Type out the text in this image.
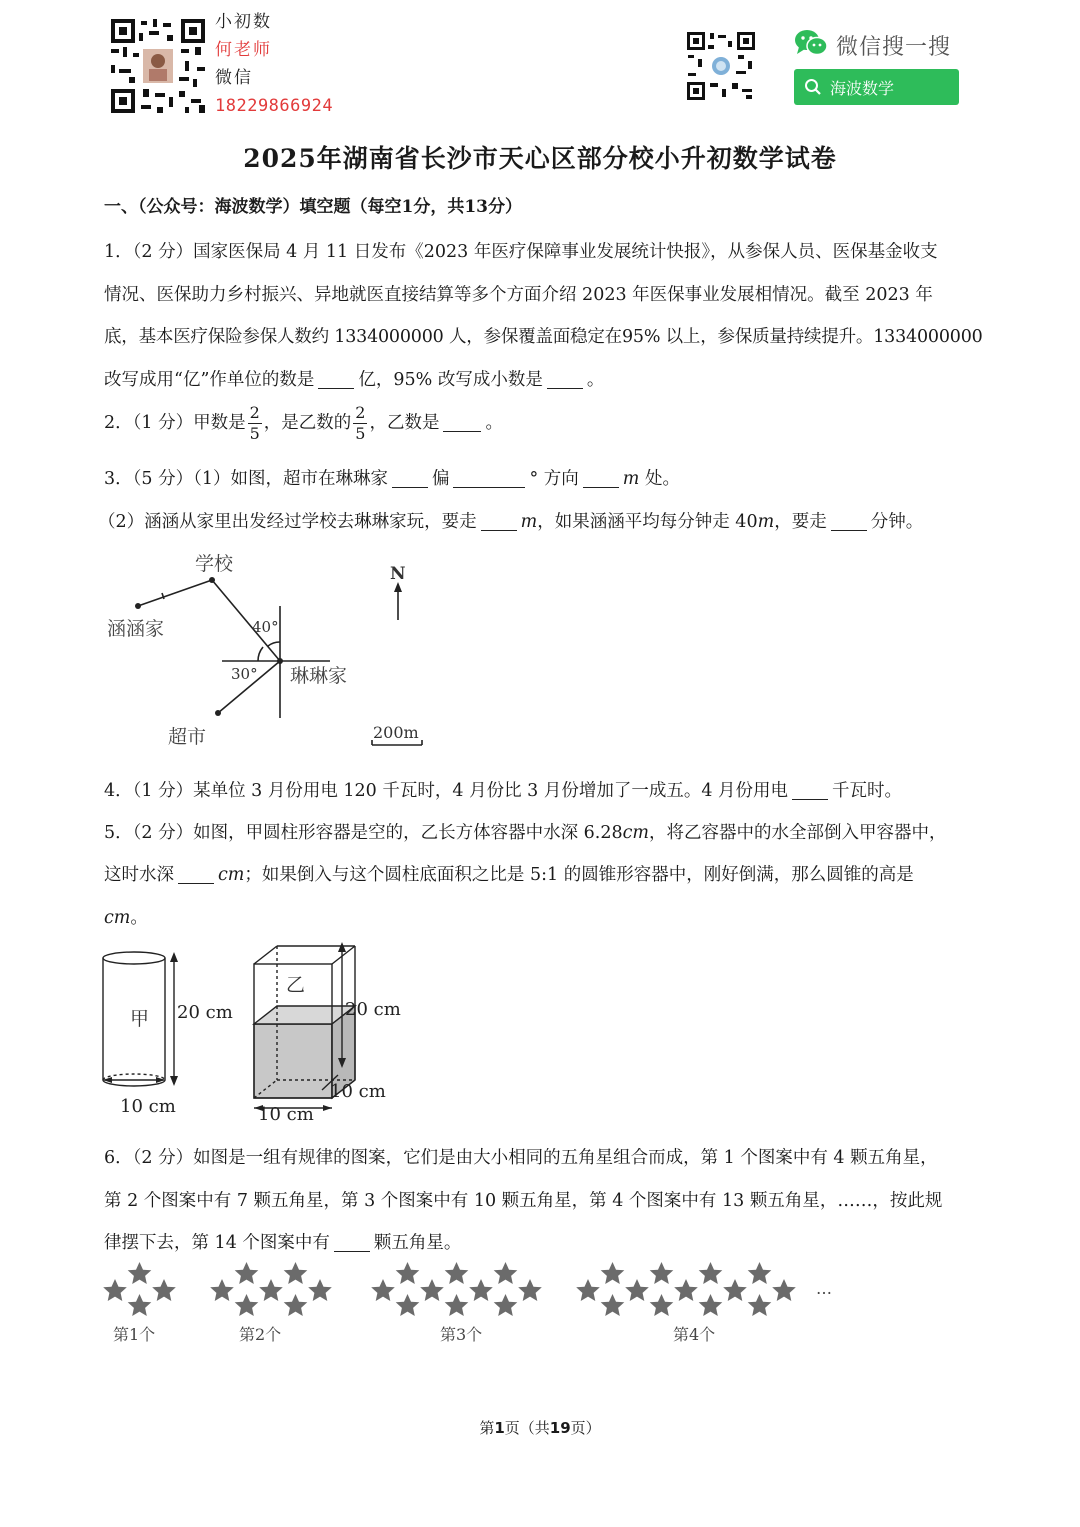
小初数
何老师
微信
18229866924
微信搜一搜
海波数学
2025年湖南省长沙市天心区部分校小升初数学试卷
一、（公众号：海波数学）填空题（每空1分，共13分）
1．（2 分）国家医保局 4 月 11 日发布《2023 年医疗保障事业发展统计快报》，从参保人员、医保基金收支
情况、医保助力乡村振兴、异地就医直接结算等多个方面介绍 2023 年医保事业发展相情况。截至 2023 年
底，基本医疗保险参保人数约 1334000000 人，参保覆盖面稳定在95% 以上，参保质量持续提升。1334000000
改写成用“亿”作单位的数是	亿，95% 改写成小数是	。
2．（1 分）甲数是 $\frac{2}{5}$ ，是乙数的 $\frac{2}{5}$ ，乙数是	。
3．（5 分）（1）如图，超市在琳琳家	偏	° 方向	m 处。
（2）涵涵从家里出发经过学校去琳琳家玩，要走	m，如果涵涵平均每分钟走 40m，要走	分钟。
学校
涵涵家
琳琳家
超市
N
40°
30°
200m
4．（1 分）某单位 3 月份用电 120 千瓦时，4 月份比 3 月份增加了一成五。4 月份用电	千瓦时。
5．（2 分）如图，甲圆柱形容器是空的，乙长方体容器中水深 6.28cm，将乙容器中的水全部倒入甲容器中，
这时水深	cm；如果倒入与这个圆柱底面积之比是 5:1 的圆锥形容器中，刚好倒满，那么圆锥的高是
cm。
甲 20 cm
10 cm
乙
20 cm
10 cm
10 cm
6．（2 分）如图是一组有规律的图案，它们是由大小相同的五角星组合而成，第 1 个图案中有 4 颗五角星，
第 2 个图案中有 7 颗五角星，第 3 个图案中有 10 颗五角星，第 4 个图案中有 13 颗五角星，……，按此规
律摆下去，第 14 个图案中有	颗五角星。
第1个	第2个	第3个	第4个
…
第1页（共19页）
